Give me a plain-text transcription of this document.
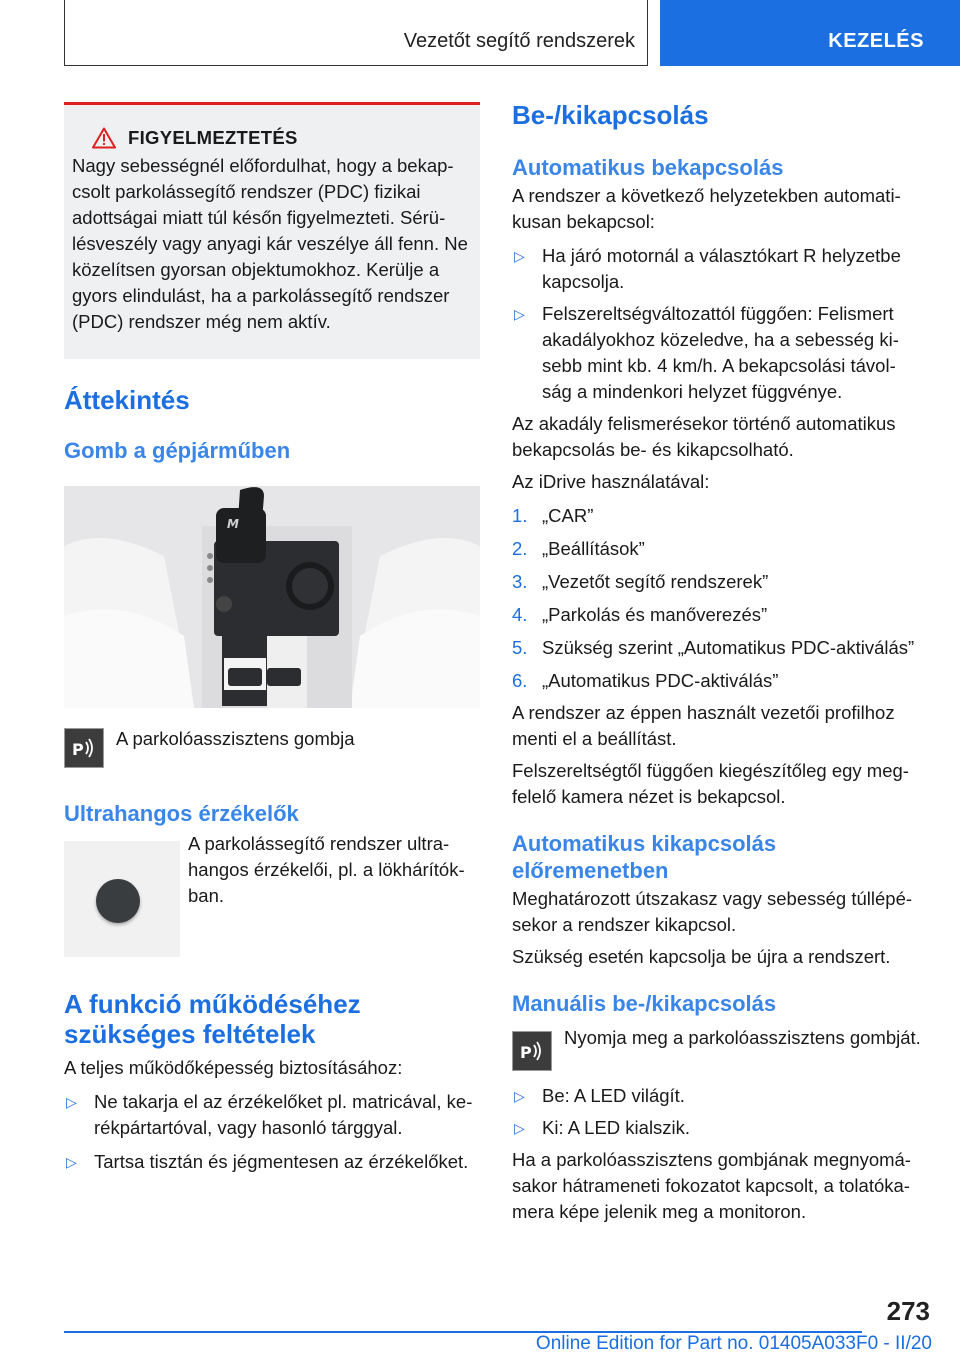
Vezetőt segítő rendszerek	KEZELÉS
FIGYELMEZTETÉS
Nagy sebességnél előfordulhat, hogy a bekap‐
csolt parkolássegítő rendszer (PDC) fizikai
adottságai miatt túl későn figyelmezteti. Sérü‐
lésveszély vagy anyagi kár veszélye áll fenn. Ne
közelítsen gyorsan objektumokhoz. Kerülje a
gyors elindulást, ha a parkolássegítő rendszer
(PDC) rendszer még nem aktív.
Áttekintés
Gomb a gépjárműben
M
P
A parkolóasszisztens gombja
Ultrahangos érzékelők
A parkolássegítő rendszer ultra‐
hangos érzékelői, pl. a lökhárítók‐
ban.
A funkció működéséhez
szükséges feltételek
A teljes működőképesség biztosításához:
▷ Ne takarja el az érzékelőket pl. matricával, ke‐
rékpártartóval, vagy hasonló tárggyal.
▷ Tartsa tisztán és jégmentesen az érzékelőket.
Be-/kikapcsolás
Automatikus bekapcsolás
A rendszer a következő helyzetekben automati‐
kusan bekapcsol:
▷ Ha járó motornál a választókart R helyzetbe
kapcsolja.
▷ Felszereltségváltozattól függően: Felismert
akadályokhoz közeledve, ha a sebesség ki‐
sebb mint kb. 4 km/h. A bekapcsolási távol‐
ság a mindenkori helyzet függvénye.
Az akadály felismerésekor történő automatikus
bekapcsolás be- és kikapcsolható.
Az iDrive használatával:
1. „CAR”
2. „Beállítások”
3. „Vezetőt segítő rendszerek”
4. „Parkolás és manőverezés”
5. Szükség szerint „Automatikus PDC-aktiválás”
6. „Automatikus PDC-aktiválás”
A rendszer az éppen használt vezetői profilhoz
menti el a beállítást.
Felszereltségtől függően kiegészítőleg egy meg‐
felelő kamera nézet is bekapcsol.
Automatikus kikapcsolás
előremenetben
Meghatározott útszakasz vagy sebesség túllépé‐
sekor a rendszer kikapcsol.
Szükség esetén kapcsolja be újra a rendszert.
Manuális be-/kikapcsolás
P
Nyomja meg a parkolóasszisztens gombját.
▷ Be: A LED világít.
▷ Ki: A LED kialszik.
Ha a parkolóasszisztens gombjának megnyomá‐
sakor hátrameneti fokozatot kapcsolt, a tolatóka‐
mera képe jelenik meg a monitoron.
273
Online Edition for Part no. 01405A033F0 - II/20
